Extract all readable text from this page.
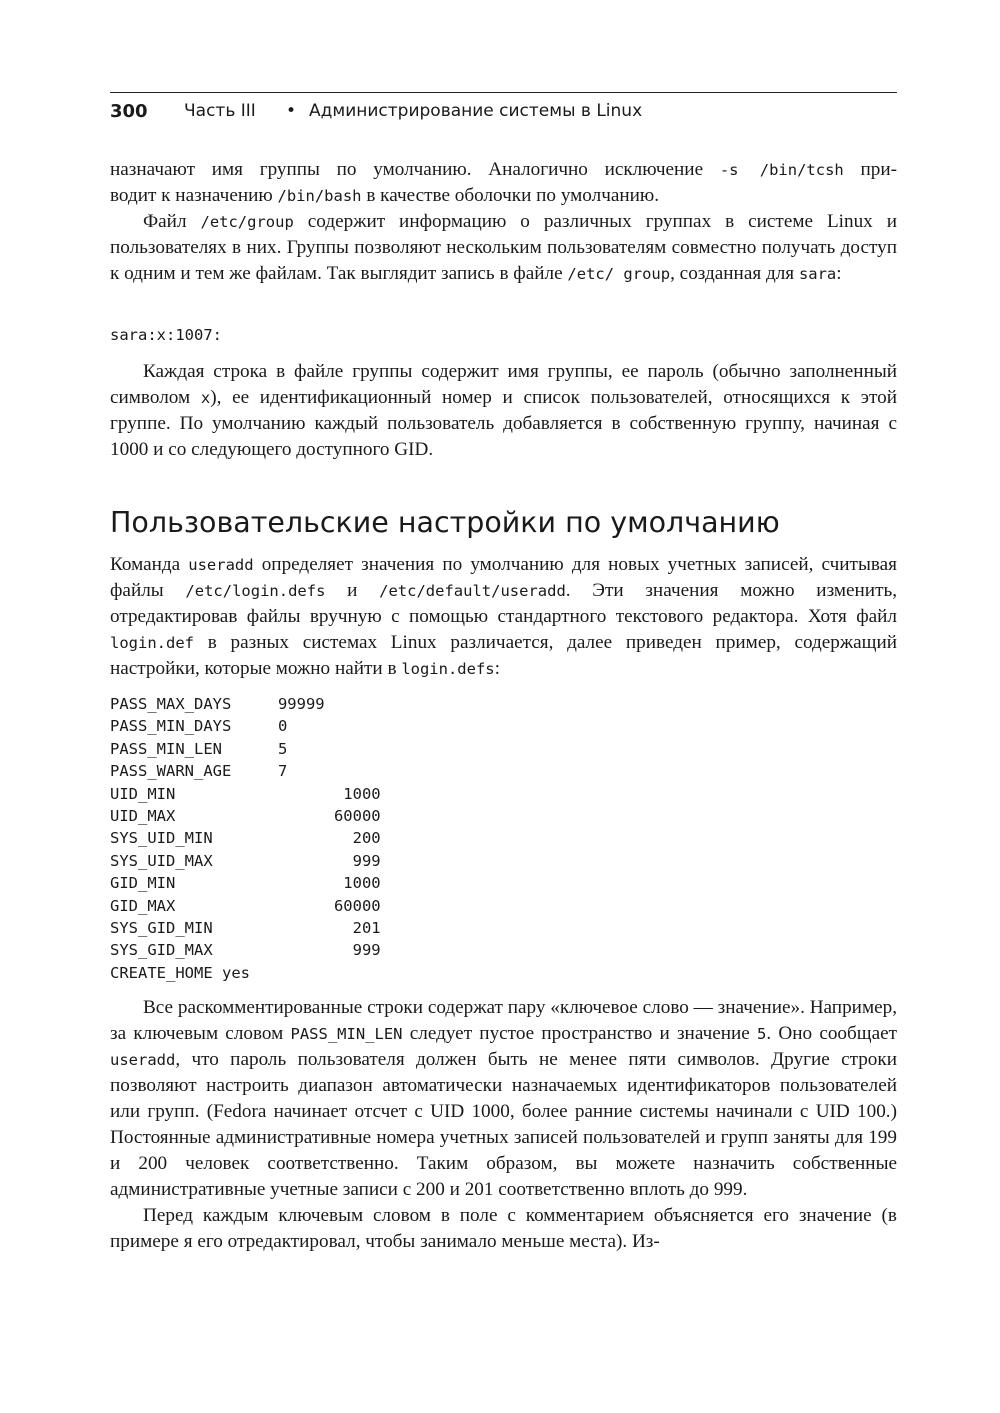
300 Часть III • Администрирование системы в Linux

назначают имя группы по умолчанию. Аналогично исключение -s /bin/tcsh при-

водит к назначению /bin/bash в качестве оболочки по умолчанию.

Файл /etc/group содержит информацию о различных группах в системе Linux и пользователях в них. Группы позволяют нескольким пользователям совместно получать доступ к одним и тем же файлам. Так выглядит запись в файле /etc/ group, созданная для sara:

sara:x:1007:

Каждая строка в файле группы содержит имя группы, ее пароль (обычно заполненный символом x), ее идентификационный номер и список пользователей, относящихся к этой группе. По умолчанию каждый пользователь добавляется в собственную группу, начиная с 1000 и со следующего доступного GID.

Пользовательские настройки по умолчанию

Команда useradd определяет значения по умолчанию для новых учетных записей, считывая файлы /etc/login.defs и /etc/default/useradd. Эти значения можно изменить, отредактировав файлы вручную с помощью стандартного текстового редактора. Хотя файл login.def в разных системах Linux различается, далее приведен пример, содержащий настройки, которые можно найти в login.defs:

PASS_MAX_DAYS     99999
PASS_MIN_DAYS     0
PASS_MIN_LEN      5
PASS_WARN_AGE     7
UID_MIN                  1000
UID_MAX                 60000
SYS_UID_MIN               200
SYS_UID_MAX               999
GID_MIN                  1000
GID_MAX                 60000
SYS_GID_MIN               201
SYS_GID_MAX               999
CREATE_HOME yes

Все раскомментированные строки содержат пару «ключевое слово — значение». Например, за ключевым словом PASS_MIN_LEN следует пустое пространство и значение 5. Оно сообщает useradd, что пароль пользователя должен быть не менее пяти символов. Другие строки позволяют настроить диапазон автоматически назначаемых идентификаторов пользователей или групп. (Fedora начинает отсчет с UID 1000, более ранние системы начинали с UID 100.) Постоянные административные номера учетных записей пользователей и групп заняты для 199 и 200 человек соответственно. Таким образом, вы можете назначить собственные административные учетные записи с 200 и 201 соответственно вплоть до 999.

Перед каждым ключевым словом в поле с комментарием объясняется его значение (в примере я его отредактировал, чтобы занимало меньше места). Из-
